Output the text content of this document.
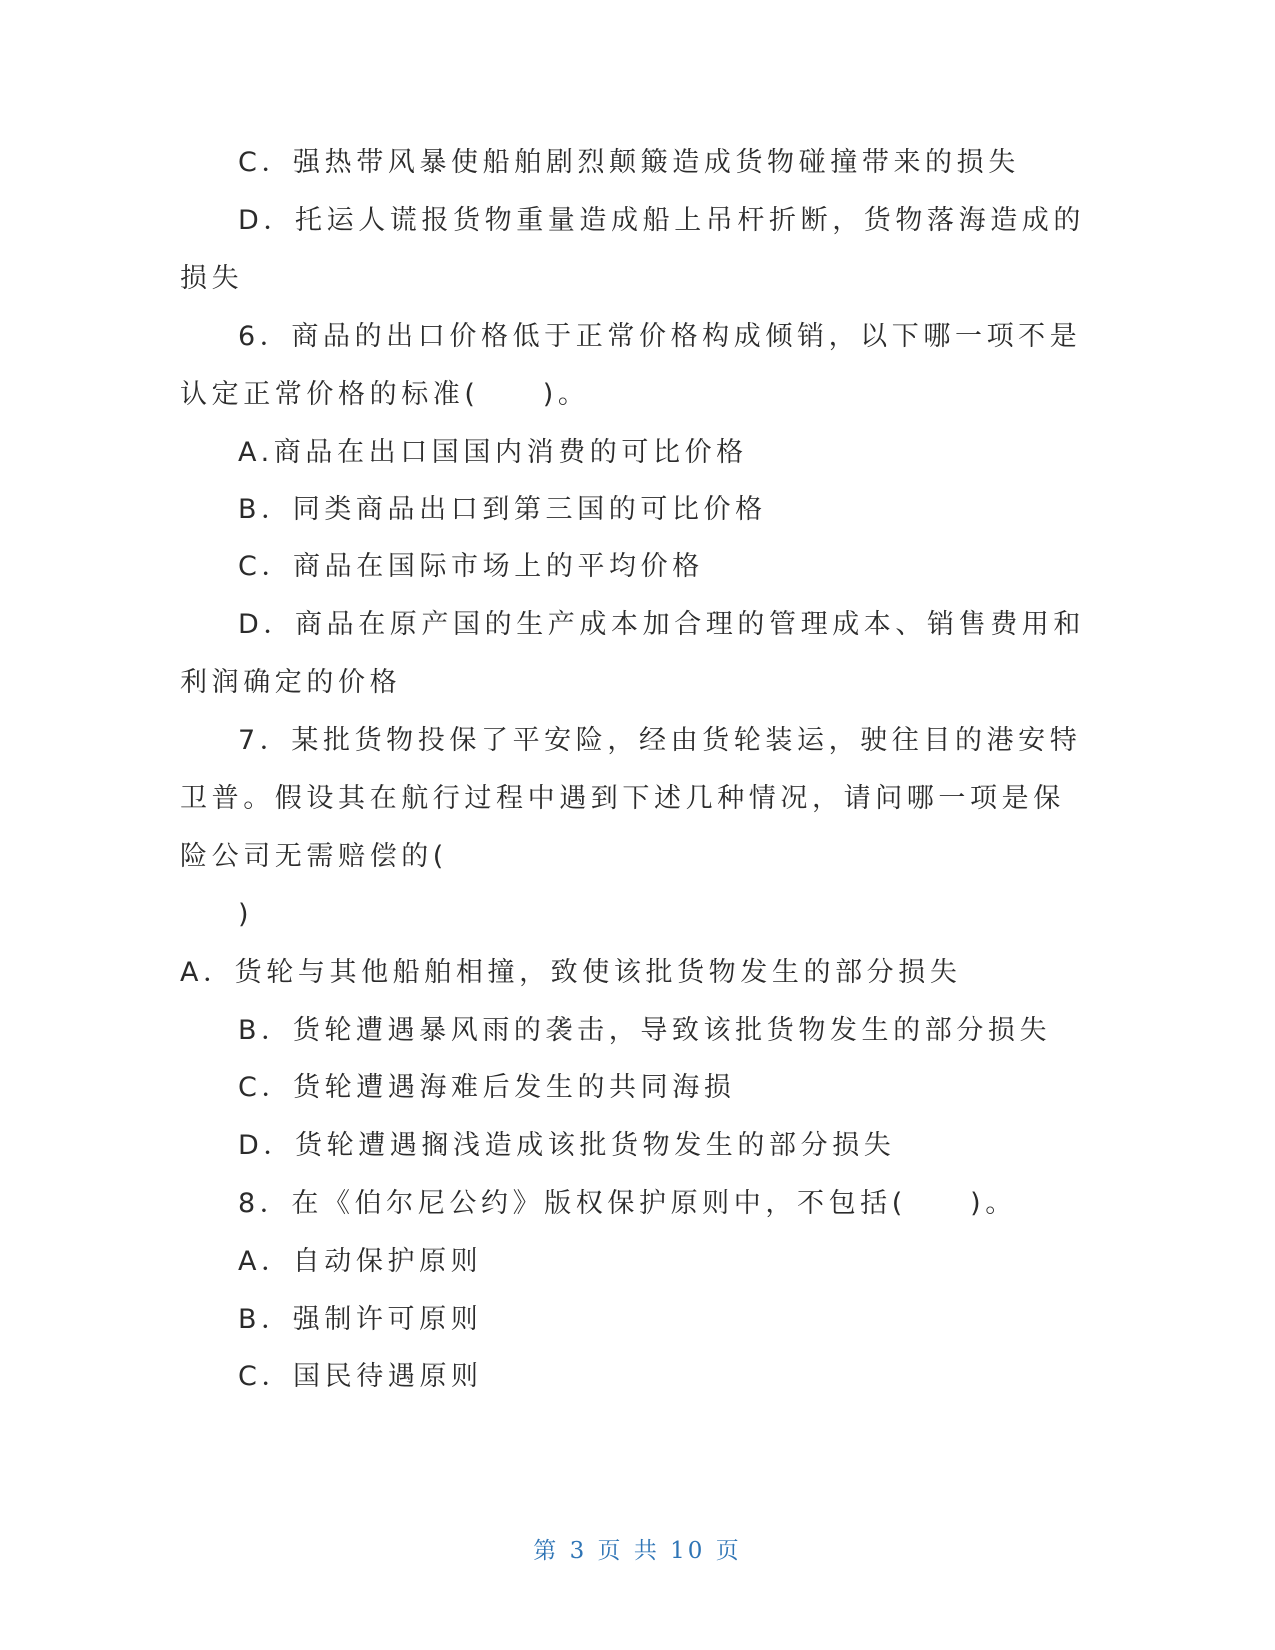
C．强热带风暴使船舶剧烈颠簸造成货物碰撞带来的损失
D．托运人谎报货物重量造成船上吊杆折断，货物落海造成的
损失
6．商品的出口价格低于正常价格构成倾销，以下哪一项不是
认定正常价格的标准(　　)。
A.商品在出口国国内消费的可比价格
B．同类商品出口到第三国的可比价格
C．商品在国际市场上的平均价格
D．商品在原产国的生产成本加合理的管理成本、销售费用和
利润确定的价格
7．某批货物投保了平安险，经由货轮装运，驶往目的港安特
卫普。假设其在航行过程中遇到下述几种情况，请问哪一项是保
险公司无需赔偿的(
)
A．货轮与其他船舶相撞，致使该批货物发生的部分损失
B．货轮遭遇暴风雨的袭击，导致该批货物发生的部分损失
C．货轮遭遇海难后发生的共同海损
D．货轮遭遇搁浅造成该批货物发生的部分损失
8．在《伯尔尼公约》版权保护原则中，不包括(　　)。
A．自动保护原则
B．强制许可原则
C．国民待遇原则
第 3 页 共 10 页
